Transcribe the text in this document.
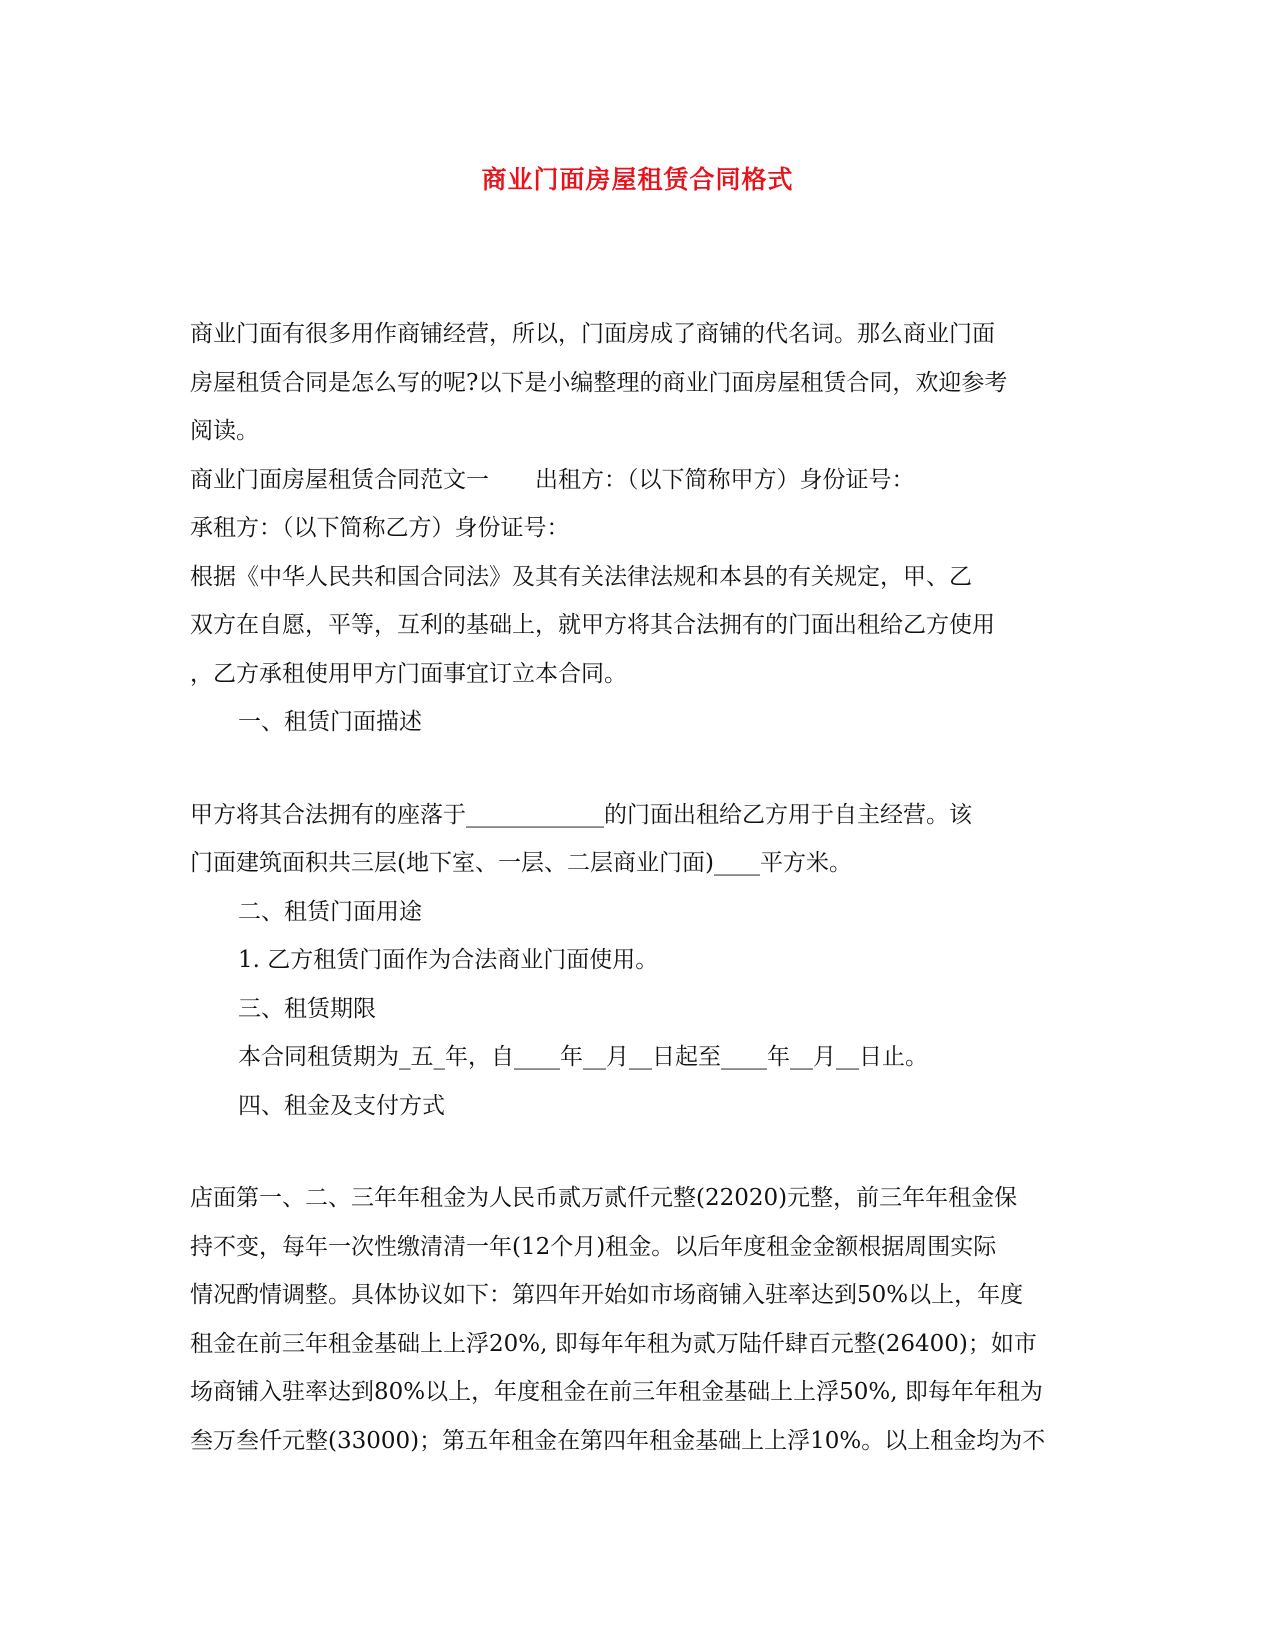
商业门面房屋租赁合同格式
商业门面有很多用作商铺经营，所以，门面房成了商铺的代名词。那么商业门面
房屋租赁合同是怎么写的呢?以下是小编整理的商业门面房屋租赁合同，欢迎参考
阅读。
商业门面房屋租赁合同范文一　　出租方：（以下简称甲方）身份证号：
承租方：（以下简称乙方）身份证号：
根据《中华人民共和国合同法》及其有关法律法规和本县的有关规定，甲、乙
双方在自愿，平等，互利的基础上，就甲方将其合法拥有的门面出租给乙方使用
，乙方承租使用甲方门面事宜订立本合同。
一、租赁门面描述
甲方将其合法拥有的座落于____________的门面出租给乙方用于自主经营。该
门面建筑面积共三层(地下室、一层、二层商业门面)____平方米。
二、租赁门面用途
1. 乙方租赁门面作为合法商业门面使用。
三、租赁期限
本合同租赁期为_五_年，自____年__月__日起至____年__月__日止。
四、租金及支付方式
店面第一、二、三年年租金为人民币贰万贰仟元整(22020)元整，前三年年租金保
持不变，每年一次性缴清清一年(12个月)租金。以后年度租金金额根据周围实际
情况酌情调整。具体协议如下：第四年开始如市场商铺入驻率达到50%以上，年度
租金在前三年租金基础上上浮20%, 即每年年租为贰万陆仟肆百元整(26400)；如市
场商铺入驻率达到80%以上，年度租金在前三年租金基础上上浮50%, 即每年年租为
叁万叁仟元整(33000)；第五年租金在第四年租金基础上上浮10%。以上租金均为不
